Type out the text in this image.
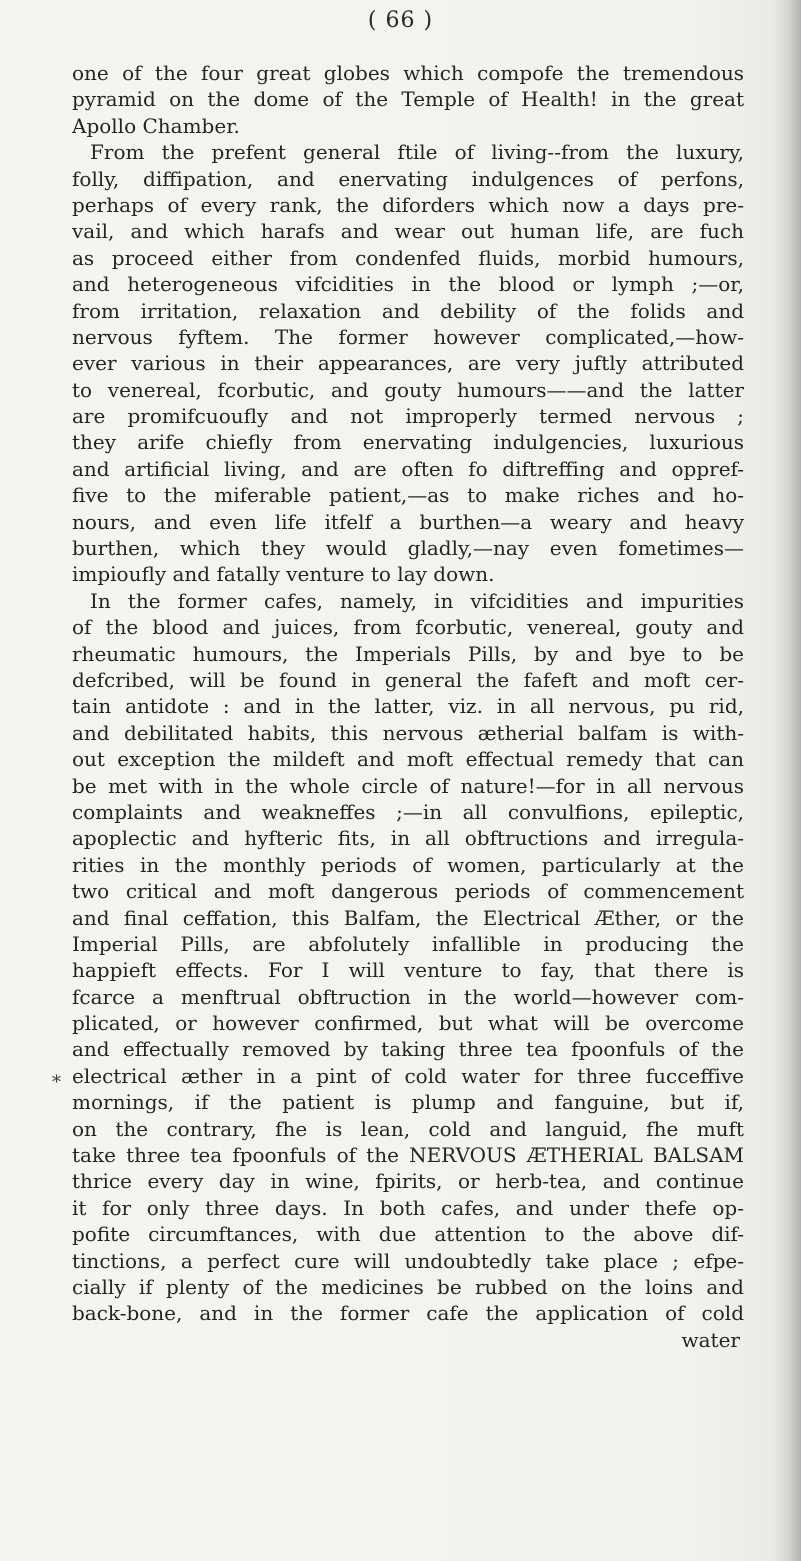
( 66 )
*
one of the four great globes which compofe the tremendous
pyramid on the dome of the Temple of Health! in the great
Apollo Chamber.
From the prefent general ftile of living--from the luxury,
folly, diffipation, and enervating indulgences of perfons,
perhaps of every rank, the diforders which now a days pre-
vail, and which harafs and wear out human life, are fuch
as proceed either from condenfed fluids, morbid humours,
and heterogeneous vifcidities in the blood or lymph ;—or,
from irritation, relaxation and debility of the folids and
nervous fyftem. The former however complicated,—how-
ever various in their appearances, are very juftly attributed
to venereal, fcorbutic, and gouty humours——and the latter
are promifcuoufly and not improperly termed nervous ;
they arife chiefly from enervating indulgencies, luxurious
and artificial living, and are often fo diftreffing and oppref-
five to the miferable patient,—as to make riches and ho-
nours, and even life itfelf a burthen—a weary and heavy
burthen, which they would gladly,—nay even fometimes—
impioufly and fatally venture to lay down.
In the former cafes, namely, in vifcidities and impurities
of the blood and juices, from fcorbutic, venereal, gouty and
rheumatic humours, the Imperials Pills, by and bye to be
defcribed, will be found in general the fafeft and moft cer-
tain antidote : and in the latter, viz. in all nervous, pu rid,
and debilitated habits, this nervous ætherial balfam is with-
out exception the mildeft and moft effectual remedy that can
be met with in the whole circle of nature!—for in all nervous
complaints and weakneffes ;—in all convulfions, epileptic,
apoplectic and hyfteric fits, in all obftructions and irregula-
rities in the monthly periods of women, particularly at the
two critical and moft dangerous periods of commencement
and final ceffation, this Balfam, the Electrical Æther, or the
Imperial Pills, are abfolutely infallible in producing the
happieft effects. For I will venture to fay, that there is
fcarce a menftrual obftruction in the world—however com-
plicated, or however confirmed, but what will be overcome
and effectually removed by taking three tea fpoonfuls of the
electrical æther in a pint of cold water for three fucceffive
mornings, if the patient is plump and fanguine, but if,
on the contrary, fhe is lean, cold and languid, fhe muft
take three tea fpoonfuls of the NERVOUS ÆTHERIAL BALSAM
thrice every day in wine, fpirits, or herb-tea, and continue
it for only three days. In both cafes, and under thefe op-
pofite circumftances, with due attention to the above dif-
tinctions, a perfect cure will undoubtedly take place ; efpe-
cially if plenty of the medicines be rubbed on the loins and
back-bone, and in the former cafe the application of cold
water
